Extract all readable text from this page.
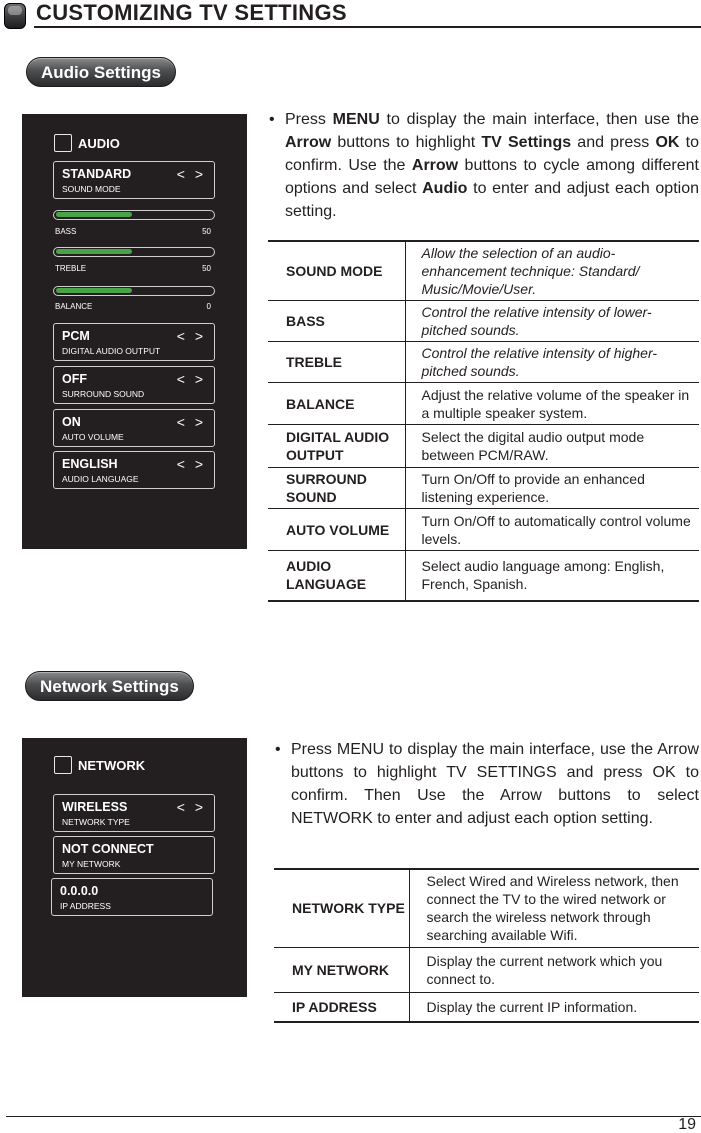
CUSTOMIZING TV SETTINGS
Audio Settings
AUDIO
STANDARD
SOUND MODE
< >
BASS	50
TREBLE	50
BALANCE	0
PCM
DIGITAL AUDIO OUTPUT
< >
OFF
SURROUND SOUND
< >
ON
AUTO VOLUME
< >
ENGLISH
AUDIO LANGUAGE
< >
• Press MENU to display the main interface, then use the Arrow buttons to highlight TV Settings and press OK to confirm. Use the Arrow buttons to cycle among different options and select Audio to enter and adjust each option setting.
SOUND MODE	Allow the selection of an audio-enhancement technique: Standard/ Music/Movie/User.
BASS	Control the relative intensity of lower-pitched sounds.
TREBLE	Control the relative intensity of higher-pitched sounds.
BALANCE	Adjust the relative volume of the speaker in a multiple speaker system.
DIGITAL AUDIO OUTPUT	Select the digital audio output mode between PCM/RAW.
SURROUND SOUND	Turn On/Off to provide an enhanced listening experience.
AUTO VOLUME	Turn On/Off to automatically control volume levels.
AUDIO LANGUAGE	Select audio language among: English, French, Spanish.
Network Settings
NETWORK
WIRELESS
NETWORK TYPE
< >
NOT CONNECT
MY NETWORK
0.0.0.0
IP ADDRESS
• Press MENU to display the main interface, use the Arrow buttons to highlight TV SETTINGS and press OK to confirm. Then Use the Arrow buttons to select NETWORK to enter and adjust each option setting.
NETWORK TYPE	Select Wired and Wireless network, then connect the TV to the wired network or search the wireless network through searching available Wifi.
MY NETWORK	Display the current network which you connect to.
IP ADDRESS	Display the current IP information.
19
